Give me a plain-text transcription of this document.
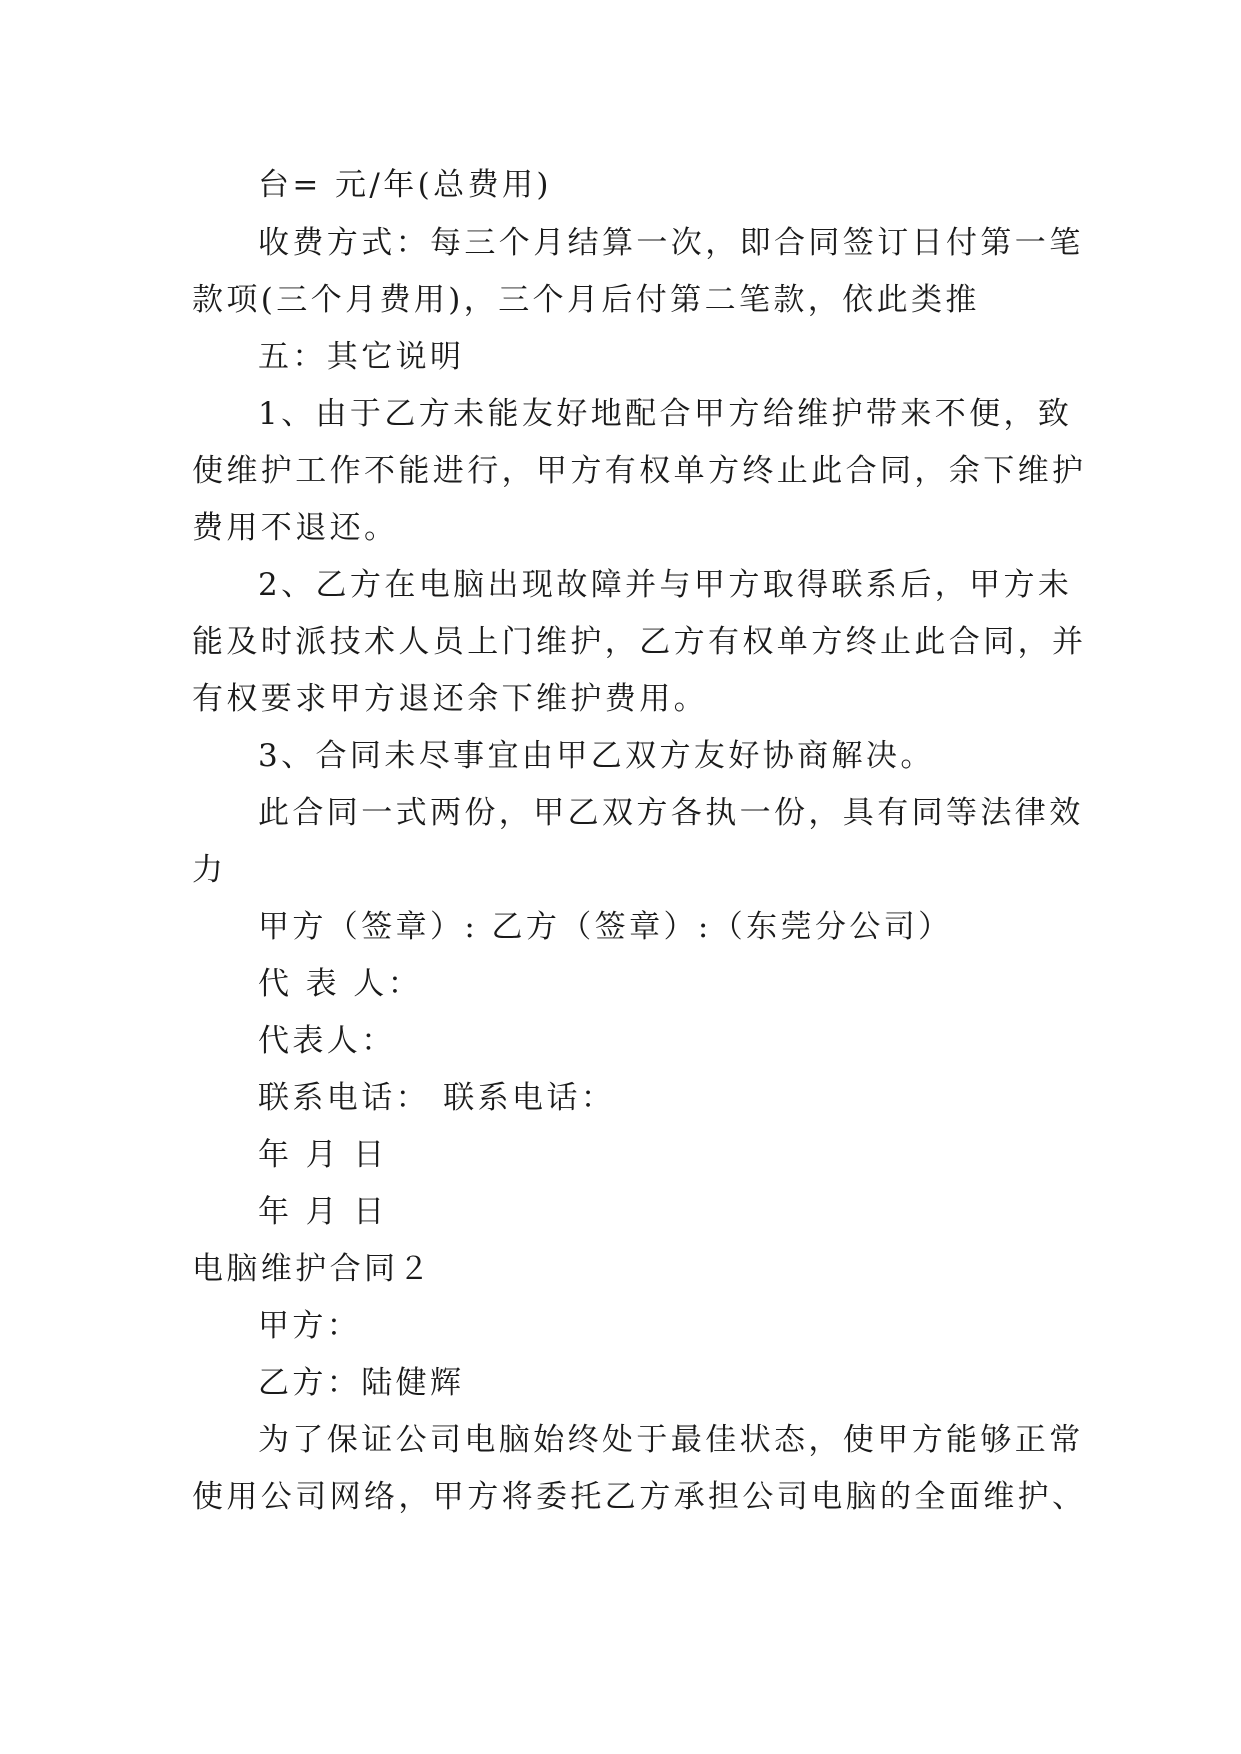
台= 元/年(总费用)
收费方式：每三个月结算一次，即合同签订日付第一笔
款项(三个月费用)，三个月后付第二笔款，依此类推
五：其它说明
1、由于乙方未能友好地配合甲方给维护带来不便，致
使维护工作不能进行，甲方有权单方终止此合同，余下维护
费用不退还。
2、乙方在电脑出现故障并与甲方取得联系后，甲方未
能及时派技术人员上门维护，乙方有权单方终止此合同，并
有权要求甲方退还余下维护费用。
3、合同未尽事宜由甲乙双方友好协商解决。
此合同一式两份，甲乙双方各执一份，具有同等法律效
力
甲方（签章）: 乙方（签章）:（东莞分公司）
代 表 人：
代表人：
联系电话： 联系电话：
年 月 日
年 月 日
电脑维护合同２
甲方：
乙方：陆健辉
为了保证公司电脑始终处于最佳状态，使甲方能够正常
使用公司网络，甲方将委托乙方承担公司电脑的全面维护、
